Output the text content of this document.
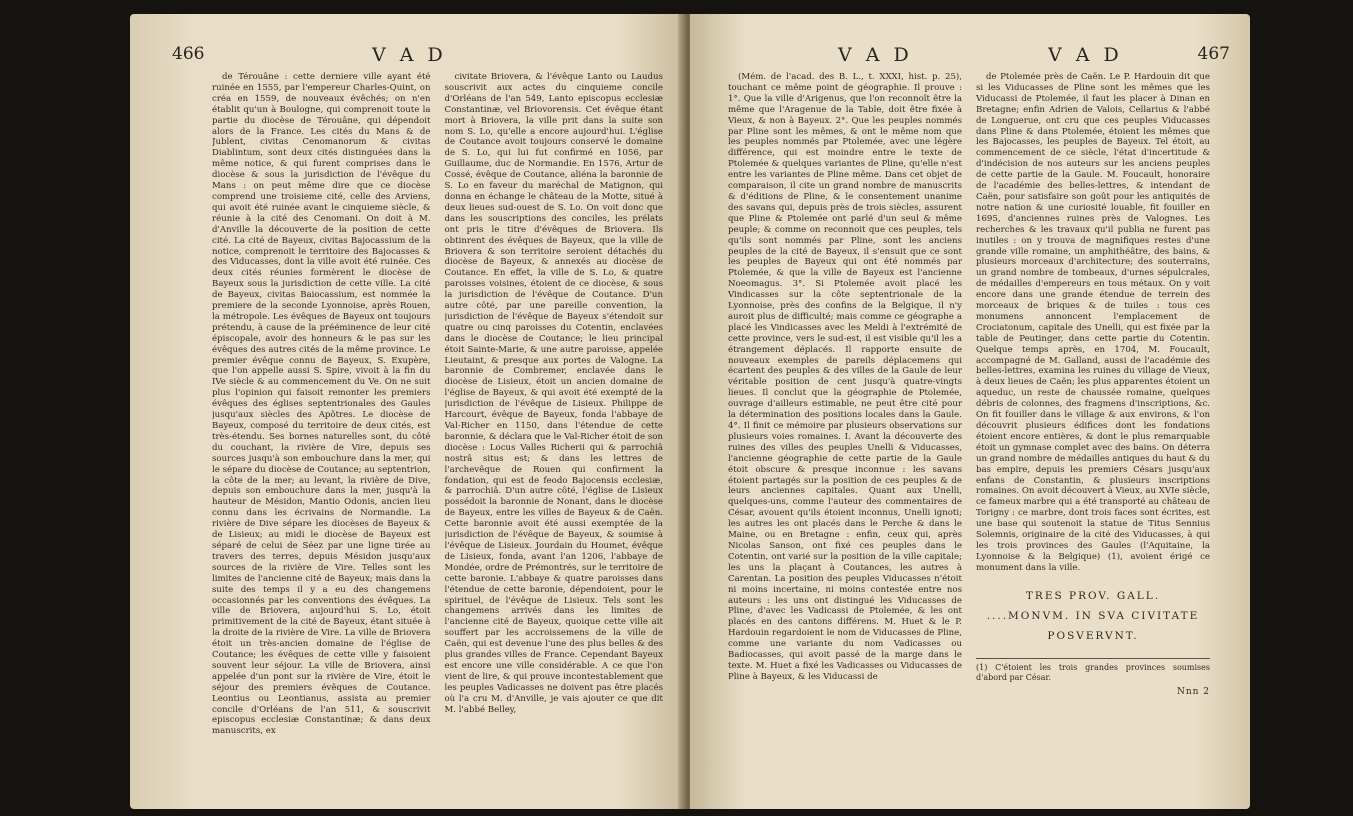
466	V A D

de Térouâne : cette derniere ville ayant été ruinée en 1555, par l'empereur Charles-Quint, on créa en 1559, de nouveaux évêchés; on n'en établit qu'un à Boulogne, qui comprenoit toute la partie du diocèse de Térouâne, qui dépendoit alors de la France. Les cités du Mans & de Jublent, civitas Cenomanorum & civitas Diablintum, sont deux cités distinguées dans la même notice, & qui furent comprises dans le diocèse & sous la jurisdiction de l'évêque du Mans : on peut même dire que ce diocèse comprend une troisieme cité, celle des Arviens, qui avoit été ruinée avant le cinquieme siècle, & réunie à la cité des Cenomani. On doit à M. d'Anville la découverte de la position de cette cité. La cité de Bayeux, civitas Bajocassium de la notice, comprenoit le territoire des Bajocasses & des Viducasses, dont la ville avoit été ruinée. Ces deux cités réunies formèrent le diocèse de Bayeux sous la jurisdiction de cette ville. La cité de Bayeux, civitas Baiocassium, est nommée la premiere de la seconde Lyonnoise, après Rouen, la métropole. Les évêques de Bayeux ont toujours prétendu, à cause de la prééminence de leur cité épiscopale, avoir des honneurs & le pas sur les évêques des autres cités de la même province. Le premier évêque connu de Bayeux, S. Exupère, que l'on appelle aussi S. Spire, vivoit à la fin du IVe siècle & au commencement du Ve. On ne suit plus l'opinion qui faisoit remonter les premiers évêques des églises septentrionales des Gaules jusqu'aux siècles des Apôtres. Le diocèse de Bayeux, composé du territoire de deux cités, est très-étendu. Ses bornes naturelles sont, du côté du couchant, la rivière de Vire, depuis ses sources jusqu'à son embouchure dans la mer, qui le sépare du diocèse de Coutance; au septentrion, la côte de la mer; au levant, la rivière de Dive, depuis son embouchure dans la mer, jusqu'à la hauteur de Mésidon, Mantio Odonis, ancien lieu connu dans les écrivains de Normandie. La rivière de Dive sépare les diocèses de Bayeux & de Lisieux; au midi le diocèse de Bayeux est séparé de celui de Séez par une ligne tirée au travers des terres, depuis Mésidon jusqu'aux sources de la rivière de Vire. Telles sont les limites de l'ancienne cité de Bayeux; mais dans la suite des temps il y a eu des changemens occasionnés par les conventions des évêques. La ville de Briovera, aujourd'hui S. Lo, étoit primitivement de la cité de Bayeux, étant située à la droite de la rivière de Vire. La ville de Briovera étoit un très-ancien domaine de l'église de Coutance; les évêques de cette ville y faisoient souvent leur séjour. La ville de Briovera, ainsi appelée d'un pont sur la rivière de Vire, étoit le séjour des premiers évêques de Coutance. Leontius ou Leontianus, assista au premier concile d'Orléans de l'an 511, & souscrivit episcopus ecclesiæ Constantinæ; & dans deux manuscrits, ex

civitate Briovera, & l'évêque Lanto ou Laudus souscrivit aux actes du cinquieme concile d'Orléans de l'an 549, Lanto episcopus ecclesiæ Constantinæ, vel Briovorensis. Cet évêque étant mort à Briovera, la ville prit dans la suite son nom S. Lo, qu'elle a encore aujourd'hui. L'église de Coutance avoit toujours conservé le domaine de S. Lo, qui lui fut confirmé en 1056, par Guillaume, duc de Normandie. En 1576, Artur de Cossé, évêque de Coutance, aliéna la baronnie de S. Lo en faveur du maréchal de Matignon, qui donna en échange le château de la Motte, situé à deux lieues sud-ouest de S. Lo. On voit donc que dans les souscriptions des conciles, les prélats ont pris le titre d'évêques de Briovera. Ils obtinrent des évêques de Bayeux, que la ville de Briovera & son territoire seroient détachés du diocèse de Bayeux, & annexés au diocèse de Coutance. En effet, la ville de S. Lo, & quatre paroisses voisines, étoient de ce diocèse, & sous la jurisdiction de l'évêque de Coutance. D'un autre côté, par une pareille convention, la jurisdiction de l'évêque de Bayeux s'étendoit sur quatre ou cinq paroisses du Cotentin, enclavées dans le diocèse de Coutance; le lieu principal étoit Sainte-Marie, & une autre paroisse, appelée Lieutaint, & presque aux portes de Valogne. La baronnie de Combremer, enclavée dans le diocèse de Lisieux, étoit un ancien domaine de l'église de Bayeux, & qui avoit été exempté de la jurisdiction de l'évêque de Lisieux. Philippe de Harcourt, évêque de Bayeux, fonda l'abbaye de Val-Richer en 1150, dans l'étendue de cette baronnie, & déclara que le Val-Richer étoit de son diocèse : Locus Valles Richerii qui & parrochiâ nostrâ situs est; & dans les lettres de l'archevêque de Rouen qui confirment la fondation, qui est de feodo Bajocensis ecclesiæ, & parrochiâ. D'un autre côté, l'église de Lisieux possédoit la baronnie de Nonant, dans le diocèse de Bayeux, entre les villes de Bayeux & de Caën. Cette baronnie avoit été aussi exemptée de la jurisdiction de l'évêque de Bayeux, & soumise à l'évêque de Lisieux. Jourdain du Houmet, évêque de Lisieux, fonda, avant l'an 1206, l'abbaye de Mondée, ordre de Prémontrés, sur le territoire de cette baronie. L'abbaye & quatre paroisses dans l'étendue de cette baronie, dépendoient, pour le spirituel, de l'évêque de Lisieux. Tels sont les changemens arrivés dans les limites de l'ancienne cité de Bayeux, quoique cette ville ait souffert par les accroissemens de la ville de Caën, qui est devenue l'une des plus belles & des plus grandes villes de France. Cependant Bayeux est encore une ville considérable. A ce que l'on vient de lire, & qui prouve incontestablement que les peuples Vadicasses ne doivent pas être placés où l'a cru M. d'Anville, je vais ajouter ce que dit M. l'abbé Belley,

V A D	V A D	467

(Mém. de l'acad. des B. L., t. XXXI, hist. p. 25), touchant ce même point de géographie. Il prouve : 1°. Que la ville d'Arigenus, que l'on reconnoît être la même que l'Aragenue de la Table, doit être fixée à Vieux, & non à Bayeux. 2°. Que les peuples nommés par Pline sont les mêmes, & ont le même nom que les peuples nommés par Ptolemée, avec une légère différence, qui est moindre entre le texte de Ptolemée & quelques variantes de Pline, qu'elle n'est entre les variantes de Pline même. Dans cet objet de comparaison, il cite un grand nombre de manuscrits & d'éditions de Pline, & le consentement unanime des savans qui, depuis près de trois siècles, assurent que Pline & Ptolemée ont parlé d'un seul & même peuple; & comme on reconnoit que ces peuples, tels qu'ils sont nommés par Pline, sont les anciens peuples de la cité de Bayeux, il s'ensuit que ce sont les peuples de Bayeux qui ont été nommés par Ptolemée, & que la ville de Bayeux est l'ancienne Noeomagus. 3°. Si Ptolemée avoit placé les Vindicasses sur la côte septentrionale de la Lyonnoise, près des confins de la Belgique, il n'y auroit plus de difficulté; mais comme ce géographe a placé les Vindicasses avec les Meldi à l'extrémité de cette province, vers le sud-est, il est visible qu'il les a étrangement déplacés. Il rapporte ensuite de nouveaux exemples de pareils déplacemens qui écartent des peuples & des villes de la Gaule de leur véritable position de cent jusqu'à quatre-vingts lieues. Il conclut que la géographie de Ptolemée, ouvrage d'ailleurs estimable, ne peut être cité pour la détermination des positions locales dans la Gaule. 4°. Il finit ce mémoire par plusieurs observations sur plusieurs voies romaines. I. Avant la découverte des ruines des villes des peuples Unelli & Viducasses, l'ancienne géographie de cette partie de la Gaule étoit obscure & presque inconnue : les savans étoient partagés sur la position de ces peuples & de leurs anciennes capitales. Quant aux Unelli, quelques-uns, comme l'auteur des commentaires de César, avouent qu'ils étoient inconnus, Unelli ignoti; les autres les ont placés dans le Perche & dans le Maine, ou en Bretagne : enfin, ceux qui, après Nicolas Sanson, ont fixé ces peuples dans le Cotentin, ont varié sur la position de la ville capitale; les uns la plaçant à Coutances, les autres à Carentan. La position des peuples Viducasses n'étoit ni moins incertaine, ni moins contestée entre nos auteurs : les uns ont distingué les Viducasses de Pline, d'avec les Vadicassi de Ptolemée, & les ont placés en des cantons différens. M. Huet & le P. Hardouin regardoient le nom de Viducasses de Pline, comme une variante du nom Vadicasses ou Badiocasses, qui avoit passé de la marge dans le texte. M. Huet a fixé les Vadicasses ou Viducasses de Pline à Bayeux, & les Viducassi de

de Ptolemée près de Caën. Le P. Hardouin dit que si les Viducasses de Pline sont les mêmes que les Viducassi de Ptolemée, il faut les placer à Dinan en Bretagne; enfin Adrien de Valois, Cellarius & l'abbé de Longuerue, ont cru que ces peuples Viducasses dans Pline & dans Ptolemée, étoient les mêmes que les Bajocasses, les peuples de Bayeux. Tel étoit, au commencement de ce siècle, l'état d'incertitude & d'indécision de nos auteurs sur les anciens peuples de cette partie de la Gaule. M. Foucault, honoraire de l'académie des belles-lettres, & intendant de Caën, pour satisfaire son goût pour les antiquités de notre nation & une curiosité louable, fit fouiller en 1695, d'anciennes ruines près de Valognes. Les recherches & les travaux qu'il publia ne furent pas inutiles : on y trouva de magnifiques restes d'une grande ville romaine, un amphithéâtre, des bains, & plusieurs morceaux d'architecture; des souterrains, un grand nombre de tombeaux, d'urnes sépulcrales, de médailles d'empereurs en tous métaux. On y voit encore dans une grande étendue de terrein des morceaux de briques & de tuiles : tous ces monumens annoncent l'emplacement de Crociatonum, capitale des Unelli, qui est fixée par la table de Peutinger, dans cette partie du Cotentin. Quelque temps après, en 1704, M. Foucault, accompagné de M. Galland, aussi de l'académie des belles-lettres, examina les ruines du village de Vieux, à deux lieues de Caën; les plus apparentes étoient un aqueduc, un reste de chaussée romaine, quelques débris de colonnes, des fragmens d'inscriptions, &c. On fit fouiller dans le village & aux environs, & l'on découvrit plusieurs édifices dont les fondations étoient encore entières, & dont le plus remarquable étoit un gymnase complet avec des bains. On déterra un grand nombre de médailles antiques du haut & du bas empire, depuis les premiers Césars jusqu'aux enfans de Constantin, & plusieurs inscriptions romaines. On avoit découvert à Vieux, au XVIe siècle, ce fameux marbre qui a été transporté au château de Torigny : ce marbre, dont trois faces sont écrites, est une base qui soutenoit la statue de Titus Sennius Solemnis, originaire de la cité des Viducasses, à qui les trois provinces des Gaules (l'Aquitaine, la Lyonnoise & la Belgique) (1), avoient érigé ce monument dans la ville.

TRES PROV. GALL.
....MONVM. IN SVA CIVITATE
POSVERVNT.
(1) C'étoient les trois grandes provinces soumises d'abord par César.
Nnn 2
